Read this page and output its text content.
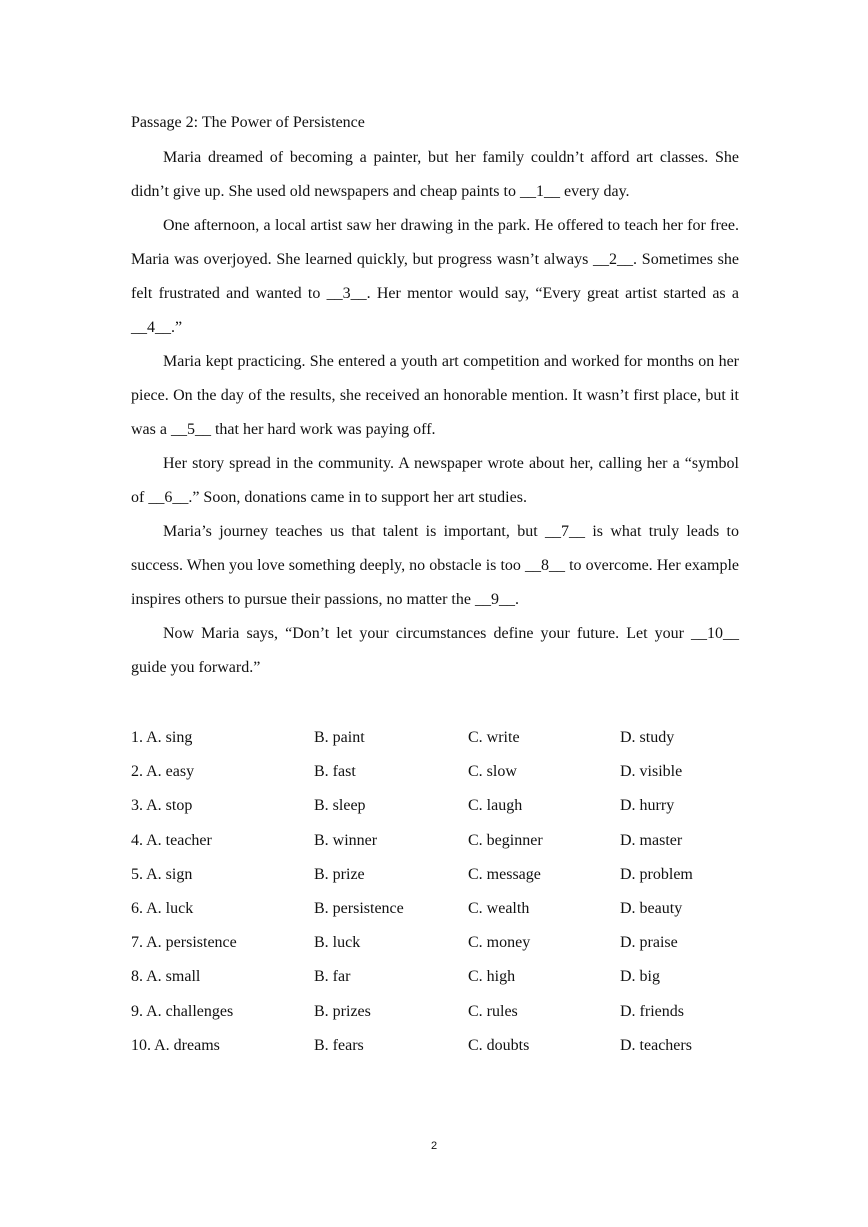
Passage 2: The Power of Persistence

Maria dreamed of becoming a painter, but her family couldn’t afford art classes. She didn’t give up. She used old newspapers and cheap paints to __1__ every day.

One afternoon, a local artist saw her drawing in the park. He offered to teach her for free. Maria was overjoyed. She learned quickly, but progress wasn’t always __2__. Sometimes she felt frustrated and wanted to __3__. Her mentor would say, “Every great artist started as a __4__.”

Maria kept practicing. She entered a youth art competition and worked for months on her piece. On the day of the results, she received an honorable mention. It wasn’t first place, but it was a __5__ that her hard work was paying off.

Her story spread in the community. A newspaper wrote about her, calling her a “symbol of __6__.” Soon, donations came in to support her art studies.

Maria’s journey teaches us that talent is important, but __7__ is what truly leads to success. When you love something deeply, no obstacle is too __8__ to overcome. Her example inspires others to pursue their passions, no matter the __9__.

Now Maria says, “Don’t let your circumstances define your future. Let your __10__ guide you forward.”

1. A. sing	B. paint	C. write	D. study
2. A. easy	B. fast	C. slow	D. visible
3. A. stop	B. sleep	C. laugh	D. hurry
4. A. teacher	B. winner	C. beginner	D. master
5. A. sign	B. prize	C. message	D. problem
6. A. luck	B. persistence	C. wealth	D. beauty
7. A. persistence	B. luck	C. money	D. praise
8. A. small	B. far	C. high	D. big
9. A. challenges	B. prizes	C. rules	D. friends
10. A. dreams	B. fears	C. doubts	D. teachers
2
